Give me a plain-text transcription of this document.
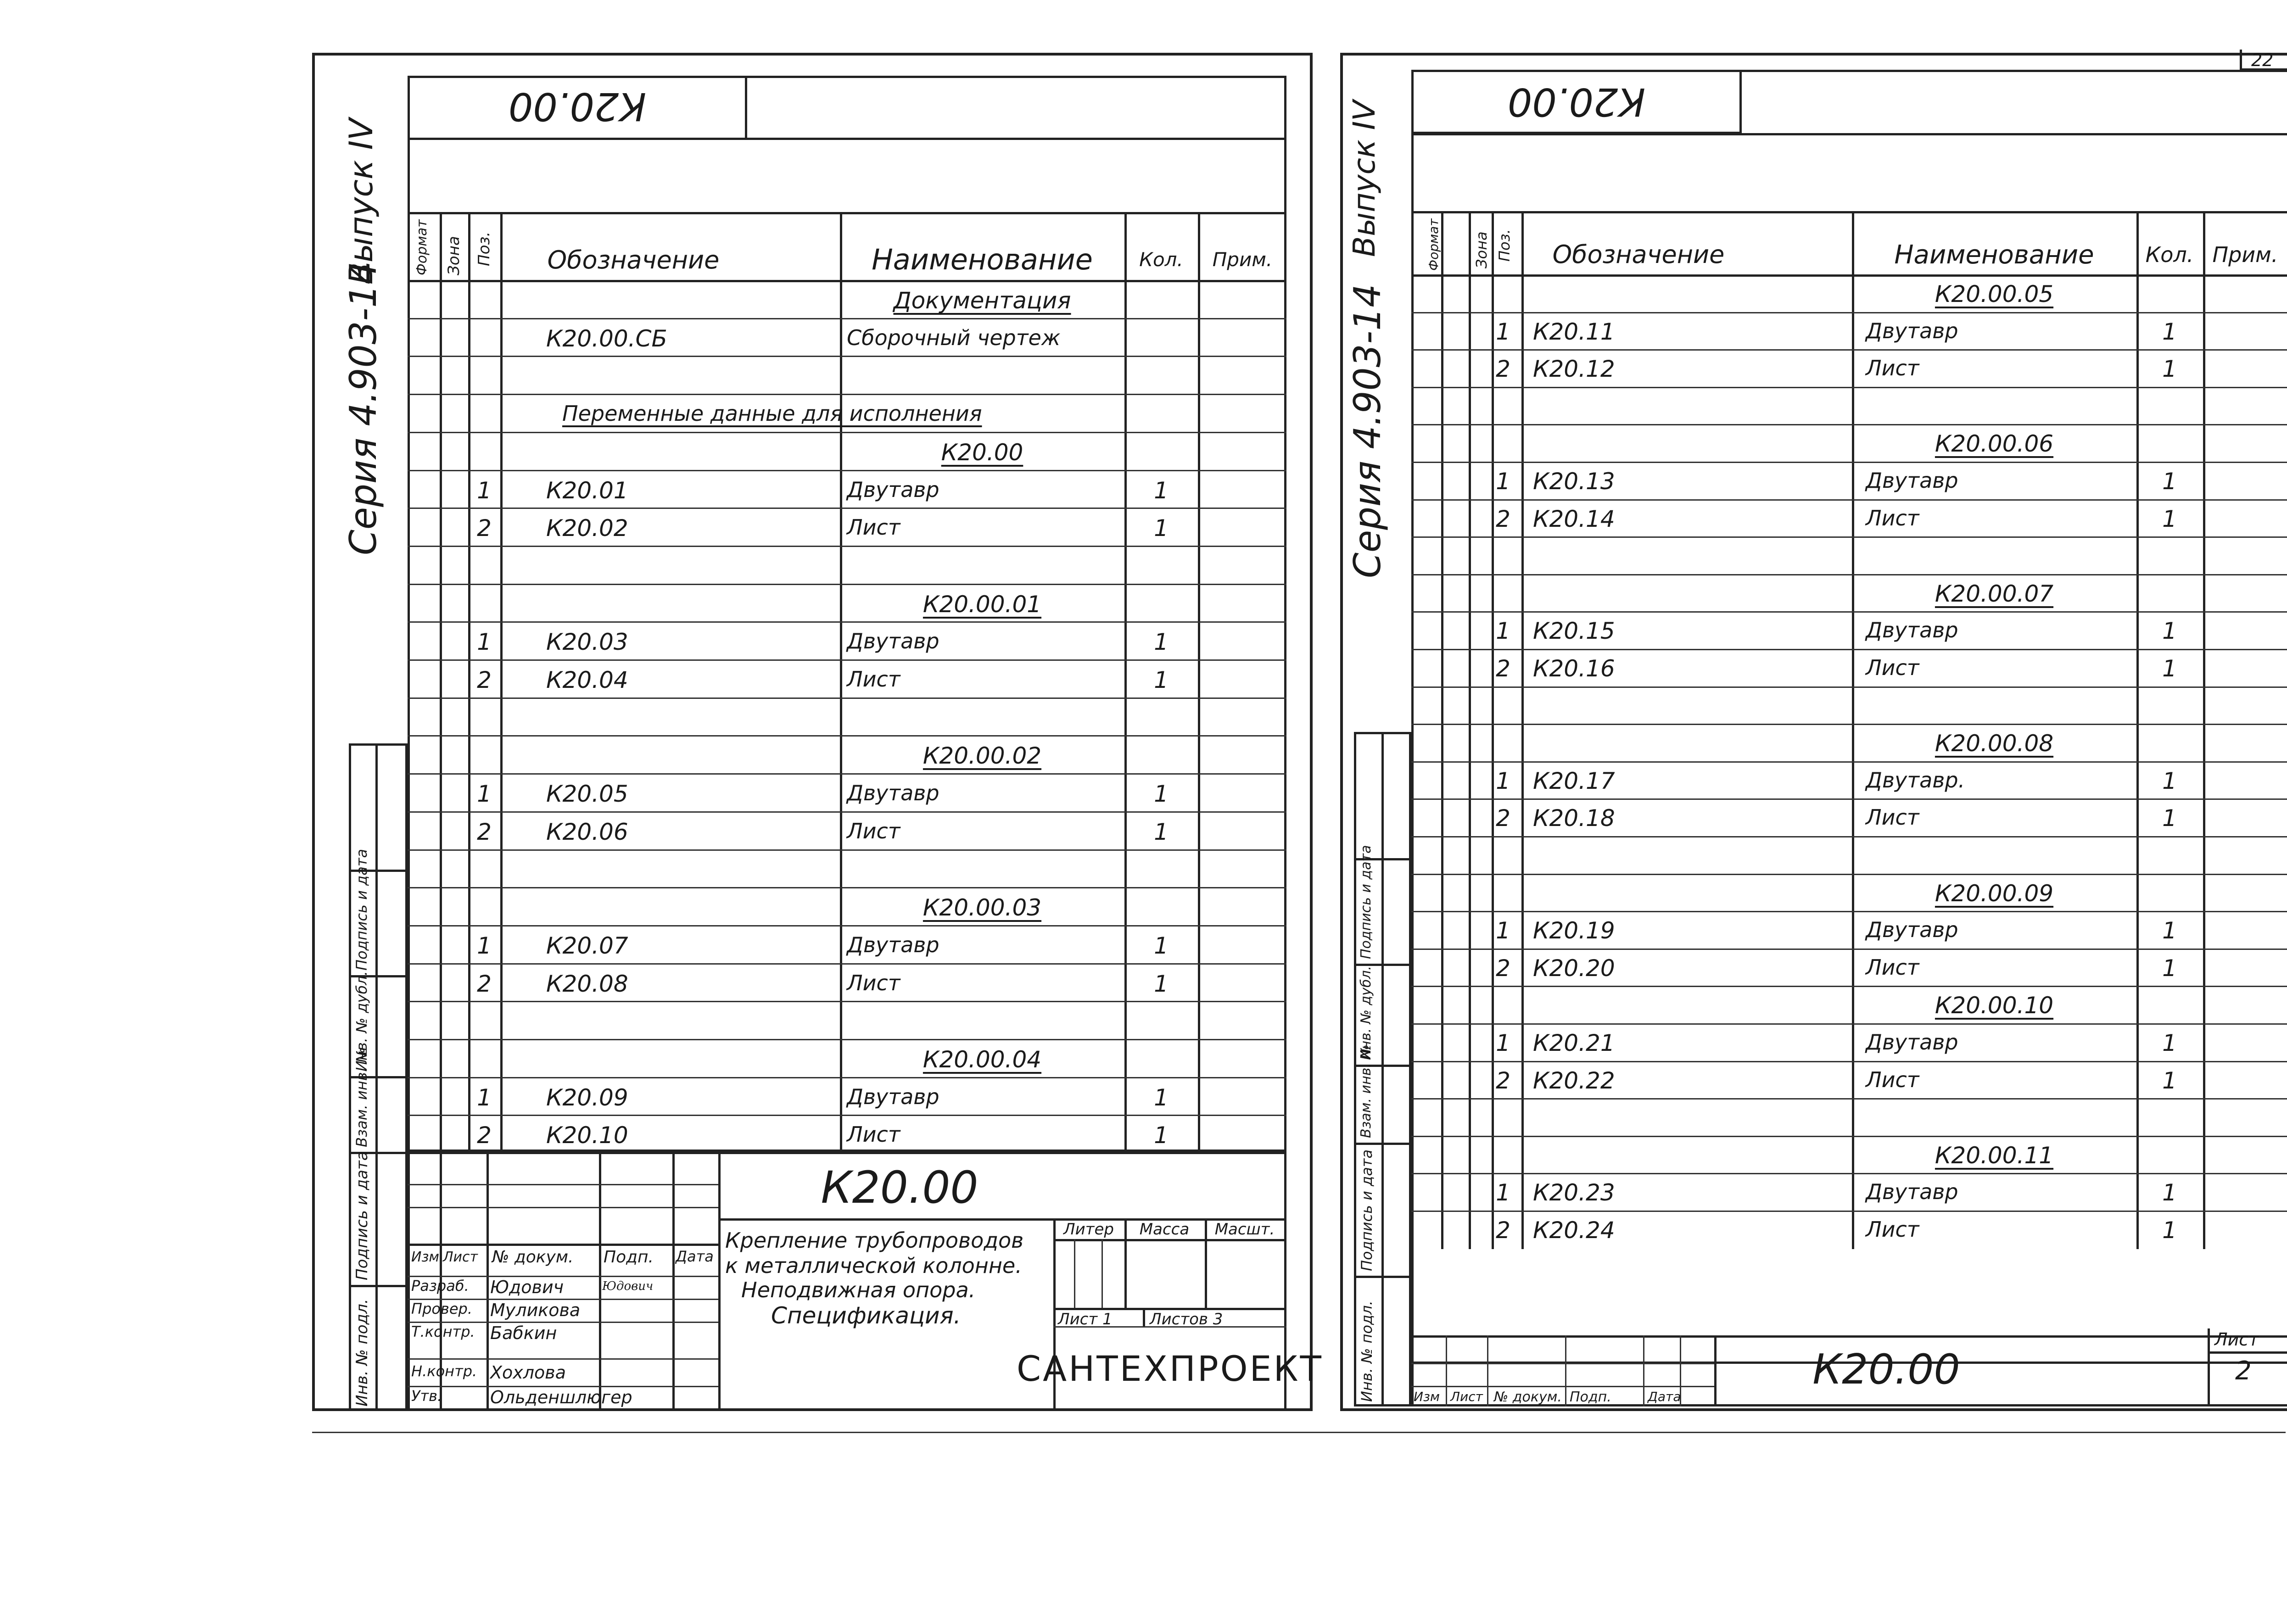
К20.00
Формат Зона Поз. Обозначение	Наименование Кол. Прим.
Документация
К20.00.СБ	Сборочный чертеж
Переменные данные для исполнения
К20.00
1 К20.01	Двутавр	1
2 К20.02	Лист	1
К20.00.01
1 К20.03	Двутавр	1
2 К20.04	Лист	1
К20.00.02
1 К20.05	Двутавр	1
2 К20.06	Лист	1
К20.00.03
1 К20.07	Двутавр	1
2 К20.08	Лист	1
К20.00.04
1 К20.09	Двутавр	1
2 К20.10	Лист	1
Инв. № подл.
Подпись и дата
Взам. инв. №
Инв. № дубл.
Подпись и дата
Серия 4.903-14
Выпуск IV
Изм Лист № докум. Подп. Дата
Разраб. Юдович	Юдович
Провер. Муликова
Т.контр. Бабкин
Н.контр. Хохлова
Утв.	Ольденшлюгер
К20.00
Крепление трубопроводов
к металлической колонне.
Неподвижная опора.
Спецификация.
Литер Масса Масшт.
Лист 1 Листов 3
САНТЕХПРОЕКТ
К20.00
22
Формат Зона Поз. Обозначение	Наименование Кол. Прим.
К20.00.05
1 К20.11	Двутавр	1
2 К20.12	Лист	1
К20.00.06
1 К20.13	Двутавр	1
2 К20.14	Лист	1
К20.00.07
1 К20.15	Двутавр	1
2 К20.16	Лист	1
К20.00.08
1 К20.17	Двутавр.	1
2 К20.18	Лист	1
К20.00.09
1 К20.19	Двутавр	1
2 К20.20	Лист	1
К20.00.10
1 К20.21	Двутавр	1
2 К20.22	Лист	1
К20.00.11
1 К20.23	Двутавр	1
2 К20.24	Лист	1
Инв. № подл.
Подпись и дата
Взам. инв. №
Инв. № дубл.
Подпись и дата
Серия 4.903-14
Выпуск IV
Изм Лист № докум. Подп.	Дата
К20.00
Лист
2
